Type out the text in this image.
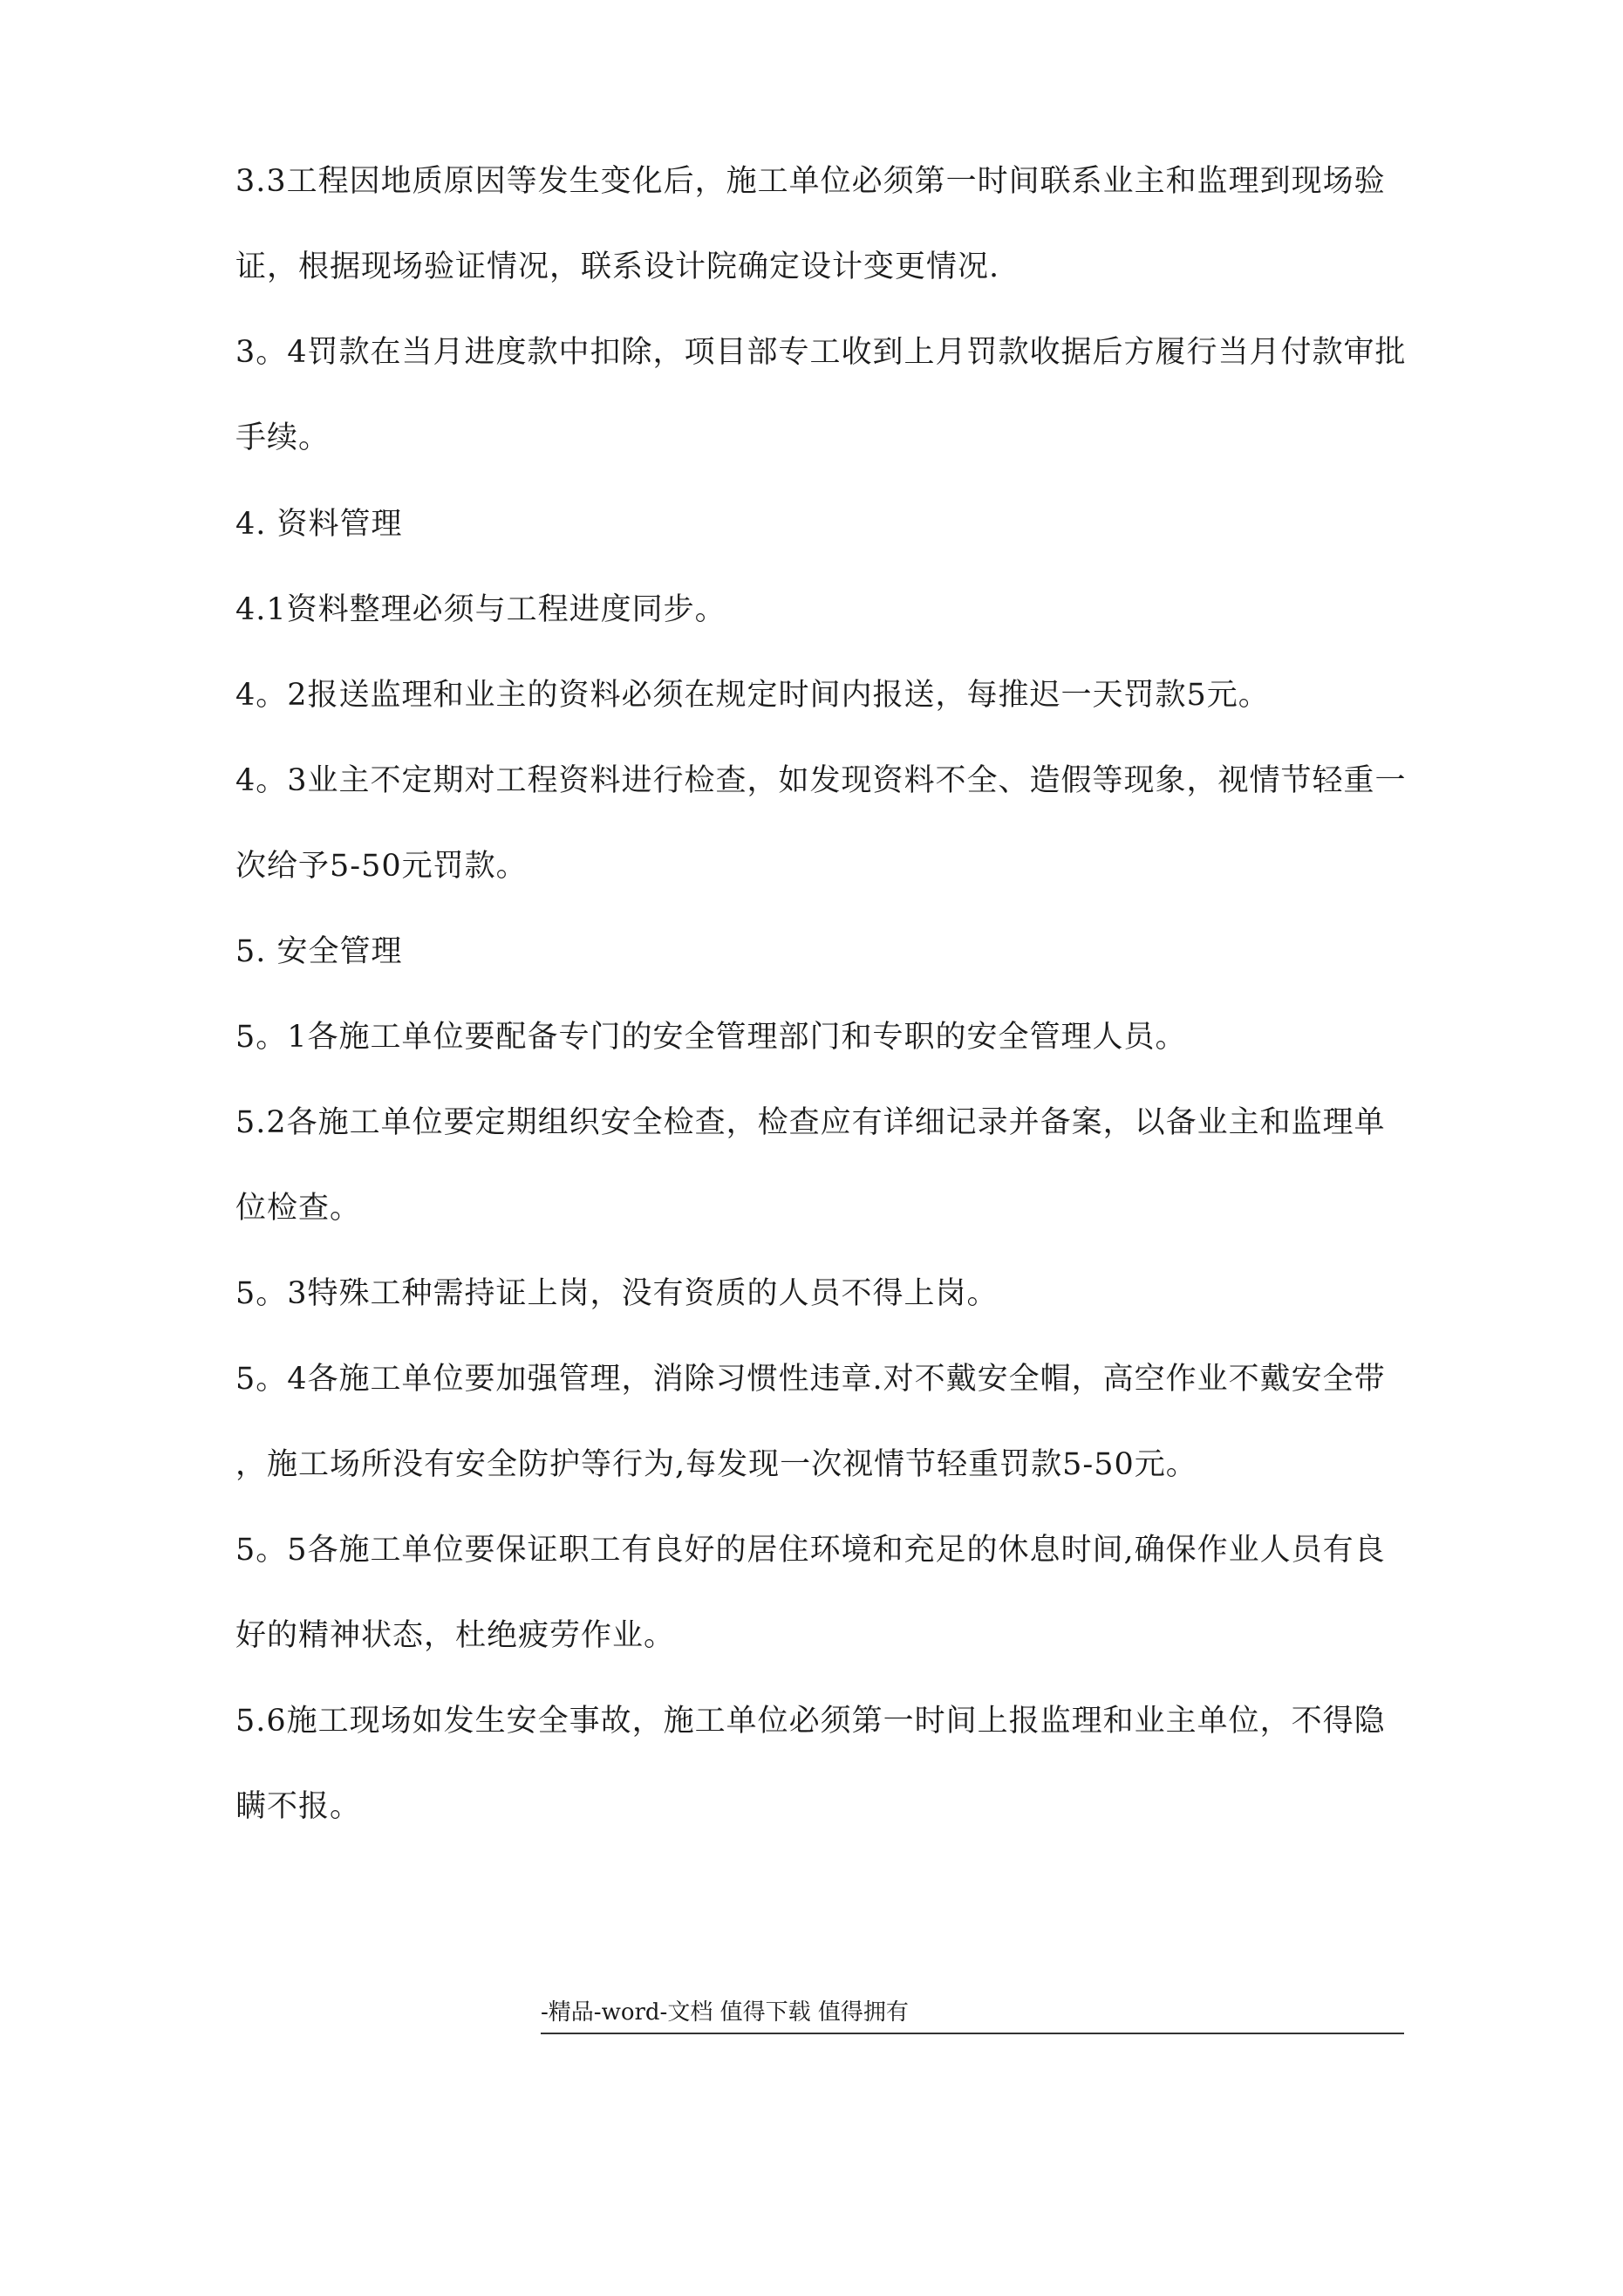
3.3工程因地质原因等发生变化后，施工单位必须第一时间联系业主和监理到现场验
证，根据现场验证情况，联系设计院确定设计变更情况.
3。4罚款在当月进度款中扣除，项目部专工收到上月罚款收据后方履行当月付款审批
手续。
4. 资料管理
4.1资料整理必须与工程进度同步。
4。2报送监理和业主的资料必须在规定时间内报送，每推迟一天罚款5元。
4。3业主不定期对工程资料进行检查，如发现资料不全、造假等现象，视情节轻重一
次给予5-50元罚款。
5. 安全管理
5。1各施工单位要配备专门的安全管理部门和专职的安全管理人员。
5.2各施工单位要定期组织安全检查，检查应有详细记录并备案，以备业主和监理单
位检查。
5。3特殊工种需持证上岗，没有资质的人员不得上岗。
5。4各施工单位要加强管理，消除习惯性违章.对不戴安全帽，高空作业不戴安全带
，施工场所没有安全防护等行为,每发现一次视情节轻重罚款5-50元。
5。5各施工单位要保证职工有良好的居住环境和充足的休息时间,确保作业人员有良
好的精神状态，杜绝疲劳作业。
5.6施工现场如发生安全事故，施工单位必须第一时间上报监理和业主单位，不得隐
瞒不报。
-精品-word-文档 值得下载 值得拥有
